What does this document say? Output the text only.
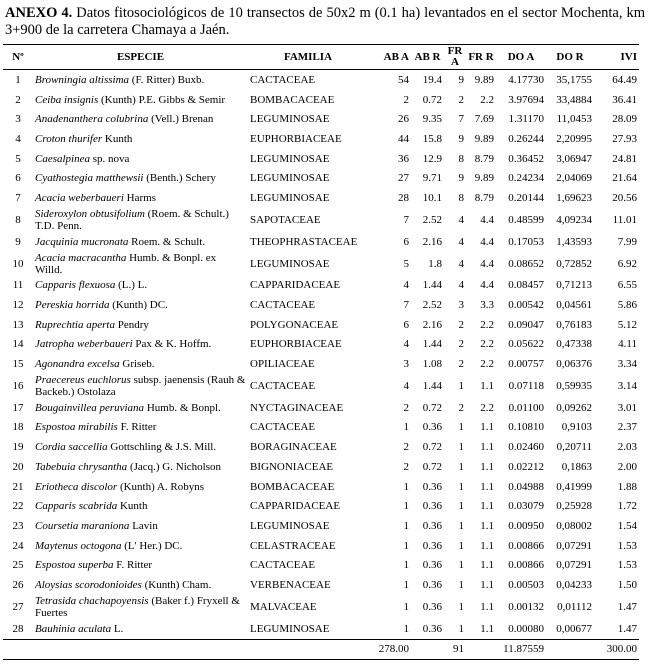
ANEXO 4. Datos fitosociológicos de 10 transectos de 50x2 m (0.1 ha) levantados en el sector Mochenta, km 3+900 de la carretera Chamaya a Jaén.
Nº	ESPECIE	FAMILIA	AB A	AB R	FR A	FR R	DO A	DO R	IVI
1	Browningia altissima (F. Ritter) Buxb.	CACTACEAE	54	19.4	9	9.89	4.17730	35,1755	64.49
2	Ceiba insignis (Kunth) P.E. Gibbs & Semir	BOMBACACEAE	2	0.72	2	2.2	3.97694	33,4884	36.41
3	Anadenanthera colubrina (Vell.) Brenan	LEGUMINOSAE	26	9.35	7	7.69	1.31170	11,0453	28.09
4	Croton thurifer Kunth	EUPHORBIACEAE	44	15.8	9	9.89	0.26244	2,20995	27.93
5	Caesalpinea sp. nova	LEGUMINOSAE	36	12.9	8	8.79	0.36452	3,06947	24.81
6	Cyathostegia matthewsii (Benth.) Schery	LEGUMINOSAE	27	9.71	9	9.89	0.24234	2,04069	21.64
7	Acacia weberbaueri Harms	LEGUMINOSAE	28	10.1	8	8.79	0.20144	1,69623	20.56
8	Sideroxylon obtusifolium (Roem. & Schult.) T.D. Penn.	SAPOTACEAE	7	2.52	4	4.4	0.48599	4,09234	11.01
9	Jacquinia mucronata Roem. & Schult.	THEOPHRASTACEAE	6	2.16	4	4.4	0.17053	1,43593	7.99
10	Acacia macracantha Humb. & Bonpl. ex Willd.	LEGUMINOSAE	5	1.8	4	4.4	0.08652	0,72852	6.92
11	Capparis flexuosa (L.) L.	CAPPARIDACEAE	4	1.44	4	4.4	0.08457	0,71213	6.55
12	Pereskia horrida (Kunth) DC.	CACTACEAE	7	2.52	3	3.3	0.00542	0,04561	5.86
13	Ruprechtia aperta Pendry	POLYGONACEAE	6	2.16	2	2.2	0.09047	0,76183	5.12
14	Jatropha weberbaueri Pax & K. Hoffm.	EUPHORBIACEAE	4	1.44	2	2.2	0.05622	0,47338	4.11
15	Agonandra excelsa Griseb.	OPILIACEAE	3	1.08	2	2.2	0.00757	0,06376	3.34
16	Praecereus euchlorus subsp. jaenensis (Rauh & Backeb.) Ostolaza	CACTACEAE	4	1.44	1	1.1	0.07118	0,59935	3.14
17	Bougainvillea peruviana Humb. & Bonpl.	NYCTAGINACEAE	2	0.72	2	2.2	0.01100	0,09262	3.01
18	Espostoa mirabilis F. Ritter	CACTACEAE	1	0.36	1	1.1	0.10810	0,9103	2.37
19	Cordia saccellia Gottschling & J.S. Mill.	BORAGINACEAE	2	0.72	1	1.1	0.02460	0,20711	2.03
20	Tabebuia chrysantha (Jacq.) G. Nicholson	BIGNONIACEAE	2	0.72	1	1.1	0.02212	0,1863	2.00
21	Eriotheca discolor (Kunth) A. Robyns	BOMBACACEAE	1	0.36	1	1.1	0.04988	0,41999	1.88
22	Capparis scabrida Kunth	CAPPARIDACEAE	1	0.36	1	1.1	0.03079	0,25928	1.72
23	Coursetia maraniona Lavin	LEGUMINOSAE	1	0.36	1	1.1	0.00950	0,08002	1.54
24	Maytenus octogona (L' Her.) DC.	CELASTRACEAE	1	0.36	1	1.1	0.00866	0,07291	1.53
25	Espostoa superba F. Ritter	CACTACEAE	1	0.36	1	1.1	0.00866	0,07291	1.53
26	Aloysias scorodonioides (Kunth) Cham.	VERBENACEAE	1	0.36	1	1.1	0.00503	0,04233	1.50
27	Tetrasida chachapoyensis (Baker f.) Fryxell & Fuertes	MALVACEAE	1	0.36	1	1.1	0.00132	0,01112	1.47
28	Bauhinia aculata L.	LEGUMINOSAE	1	0.36	1	1.1	0.00080	0,00677	1.47
			278.00		91		11.87559		300.00
